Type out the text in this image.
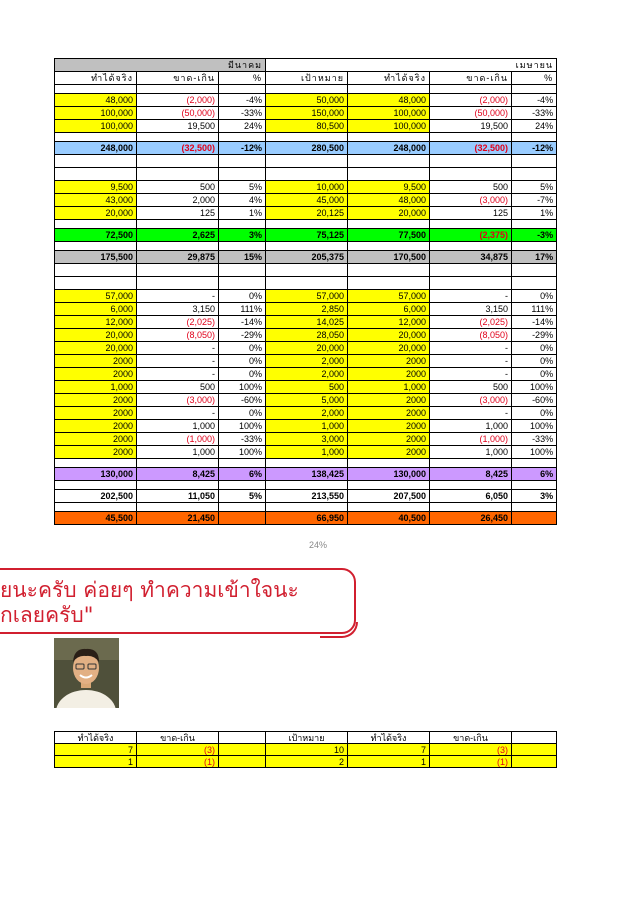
มีนาคม			เมษายน			
ทำได้จริง	ขาด-เกิน	%	เป้าหมาย	ทำได้จริง	ขาด-เกิน	%

48,000	(2,000)	-4%	50,000	48,000	(2,000)	-4%
100,000	(50,000)	-33%	150,000	100,000	(50,000)	-33%
100,000	19,500	24%	80,500	100,000	19,500	24%

248,000	(32,500)	-12%	280,500	248,000	(32,500)	-12%

9,500	500	5%	10,000	9,500	500	5%
43,000	2,000	4%	45,000	48,000	(3,000)	-7%
20,000	125	1%	20,125	20,000	125	1%

72,500	2,625	3%	75,125	77,500	(2,375)	-3%

175,500	29,875	15%	205,375	170,500	34,875	17%

57,000	-	0%	57,000	57,000	-	0%
6,000	3,150	111%	2,850	6,000	3,150	111%
12,000	(2,025)	-14%	14,025	12,000	(2,025)	-14%
20,000	(8,050)	-29%	28,050	20,000	(8,050)	-29%
20,000	-	0%	20,000	20,000	-	0%
2000	-	0%	2,000	2000	-	0%
2000	-	0%	2,000	2000	-	0%
1,000	500	100%	500	1,000	500	100%
2000	(3,000)	-60%	5,000	2000	(3,000)	-60%
2000	-	0%	2,000	2000	-	0%
2000	1,000	100%	1,000	2000	1,000	100%
2000	(1,000)	-33%	3,000	2000	(1,000)	-33%
2000	1,000	100%	1,000	2000	1,000	100%

130,000	8,425	6%	138,425	130,000	8,425	6%

202,500	11,050	5%	213,550	207,500	6,050	3%

45,500	21,450		66,950	40,500	26,450	
24%
ยนะครับ ค่อยๆ ทำความเข้าใจนะ
กเลยครับ"
ทำได้จริง	ขาด-เกิน		เป้าหมาย	ทำได้จริง	ขาด-เกิน	
7	(3)		10	7	(3)	
1	(1)		2	1	(1)	
